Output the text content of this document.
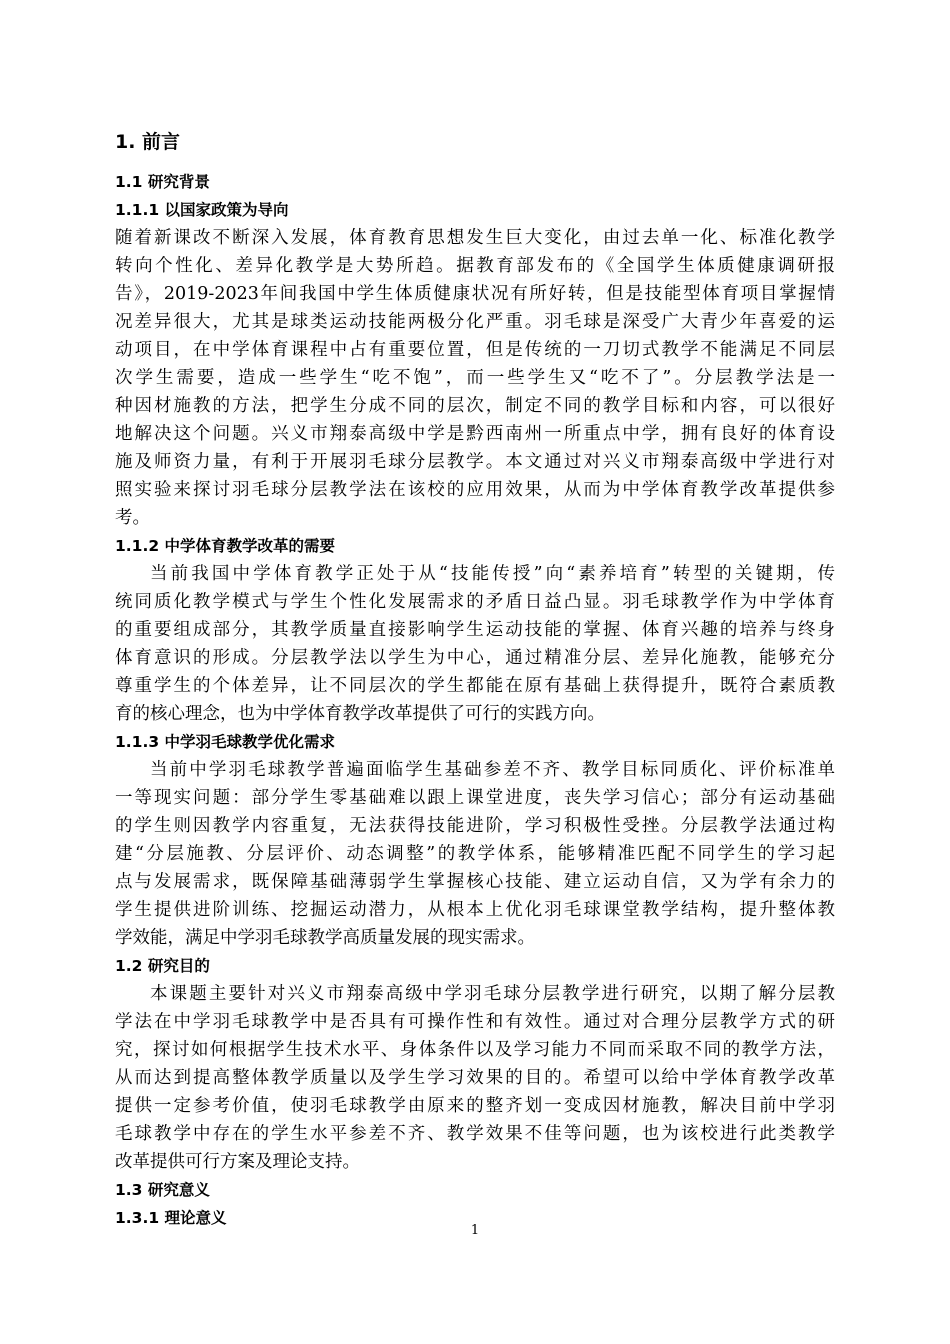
1. 前言
1.1 研究背景
1.1.1 以国家政策为导向
随着新课改不断深入发展，体育教育思想发生巨大变化，由过去单一化、标准化教学
转向个性化、差异化教学是大势所趋。据教育部发布的《全国学生体质健康调研报
告》，2019-2023年间我国中学生体质健康状况有所好转，但是技能型体育项目掌握情
况差异很大，尤其是球类运动技能两极分化严重。羽毛球是深受广大青少年喜爱的运
动项目，在中学体育课程中占有重要位置，但是传统的一刀切式教学不能满足不同层
次学生需要，造成一些学生“吃不饱”，而一些学生又“吃不了”。分层教学法是一
种因材施教的方法，把学生分成不同的层次，制定不同的教学目标和内容，可以很好
地解决这个问题。兴义市翔泰高级中学是黔西南州一所重点中学，拥有良好的体育设
施及师资力量，有利于开展羽毛球分层教学。本文通过对兴义市翔泰高级中学进行对
照实验来探讨羽毛球分层教学法在该校的应用效果，从而为中学体育教学改革提供参
考。
1.1.2 中学体育教学改革的需要
当前我国中学体育教学正处于从“技能传授”向“素养培育”转型的关键期，传
统同质化教学模式与学生个性化发展需求的矛盾日益凸显。羽毛球教学作为中学体育
的重要组成部分，其教学质量直接影响学生运动技能的掌握、体育兴趣的培养与终身
体育意识的形成。分层教学法以学生为中心，通过精准分层、差异化施教，能够充分
尊重学生的个体差异，让不同层次的学生都能在原有基础上获得提升，既符合素质教
育的核心理念，也为中学体育教学改革提供了可行的实践方向。
1.1.3 中学羽毛球教学优化需求
当前中学羽毛球教学普遍面临学生基础参差不齐、教学目标同质化、评价标准单
一等现实问题：部分学生零基础难以跟上课堂进度，丧失学习信心；部分有运动基础
的学生则因教学内容重复，无法获得技能进阶，学习积极性受挫。分层教学法通过构
建“分层施教、分层评价、动态调整”的教学体系，能够精准匹配不同学生的学习起
点与发展需求，既保障基础薄弱学生掌握核心技能、建立运动自信，又为学有余力的
学生提供进阶训练、挖掘运动潜力，从根本上优化羽毛球课堂教学结构，提升整体教
学效能，满足中学羽毛球教学高质量发展的现实需求。
1.2 研究目的
本课题主要针对兴义市翔泰高级中学羽毛球分层教学进行研究，以期了解分层教
学法在中学羽毛球教学中是否具有可操作性和有效性。通过对合理分层教学方式的研
究，探讨如何根据学生技术水平、身体条件以及学习能力不同而采取不同的教学方法，
从而达到提高整体教学质量以及学生学习效果的目的。希望可以给中学体育教学改革
提供一定参考价值，使羽毛球教学由原来的整齐划一变成因材施教，解决目前中学羽
毛球教学中存在的学生水平参差不齐、教学效果不佳等问题，也为该校进行此类教学
改革提供可行方案及理论支持。
1.3 研究意义
1.3.1 理论意义
1
